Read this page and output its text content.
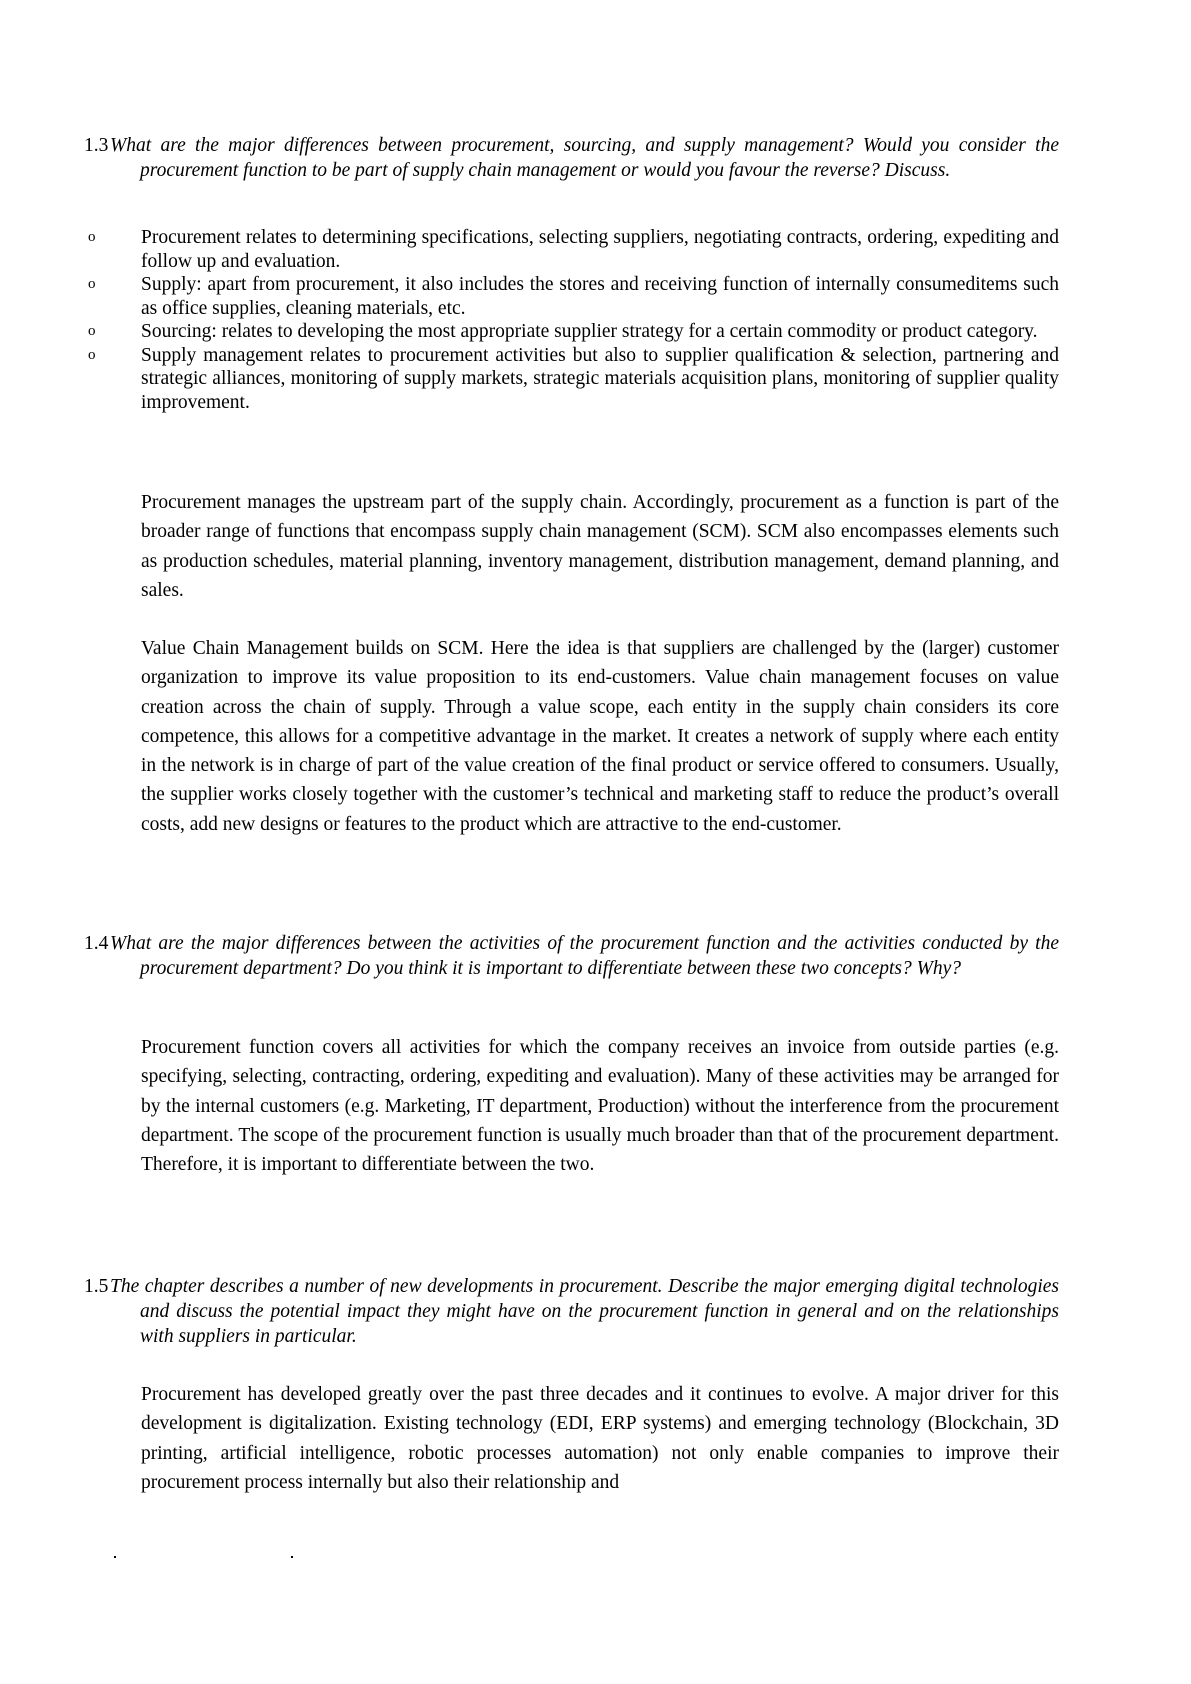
1.3 What are the major differences between procurement, sourcing, and supply management? Would you consider the procurement function to be part of supply chain management or would you favour the reverse? Discuss.
o Procurement relates to determining specifications, selecting suppliers, negotiating contracts, ordering, expediting and follow up and evaluation.
o Supply: apart from procurement, it also includes the stores and receiving function of internally consumeditems such as office supplies, cleaning materials, etc.
o Sourcing: relates to developing the most appropriate supplier strategy for a certain commodity or product category.
o Supply management relates to procurement activities but also to supplier qualification & selection, partnering and strategic alliances, monitoring of supply markets, strategic materials acquisition plans, monitoring of supplier quality improvement.

Procurement manages the upstream part of the supply chain. Accordingly, procurement as a function is part of the broader range of functions that encompass supply chain management (SCM). SCM also encompasses elements such as production schedules, material planning, inventory management, distribution management, demand planning, and sales.

Value Chain Management builds on SCM. Here the idea is that suppliers are challenged by the (larger) customer organization to improve its value proposition to its end-customers. Value chain management focuses on value creation across the chain of supply. Through a value scope, each entity in the supply chain considers its core competence, this allows for a competitive advantage in the market. It creates a network of supply where each entity in the network is in charge of part of the value creation of the final product or service offered to consumers. Usually, the supplier works closely together with the customer’s technical and marketing staff to reduce the product’s overall costs, add new designs or features to the product which are attractive to the end-customer.

1.4 What are the major differences between the activities of the procurement function and the activities conducted by the procurement department? Do you think it is important to differentiate between these two concepts? Why?

Procurement function covers all activities for which the company receives an invoice from outside parties (e.g. specifying, selecting, contracting, ordering, expediting and evaluation). Many of these activities may be arranged for by the internal customers (e.g. Marketing, IT department, Production) without the interference from the procurement department. The scope of the procurement function is usually much broader than that of the procurement department. Therefore, it is important to differentiate between the two.

1.5 The chapter describes a number of new developments in procurement. Describe the major emerging digital technologies and discuss the potential impact they might have on the procurement function in general and on the relationships with suppliers in particular.

Procurement has developed greatly over the past three decades and it continues to evolve. A major driver for this development is digitalization. Existing technology (EDI, ERP systems) and emerging technology (Blockchain, 3D printing, artificial intelligence, robotic processes automation) not only enable companies to improve their procurement process internally but also their relationship and
